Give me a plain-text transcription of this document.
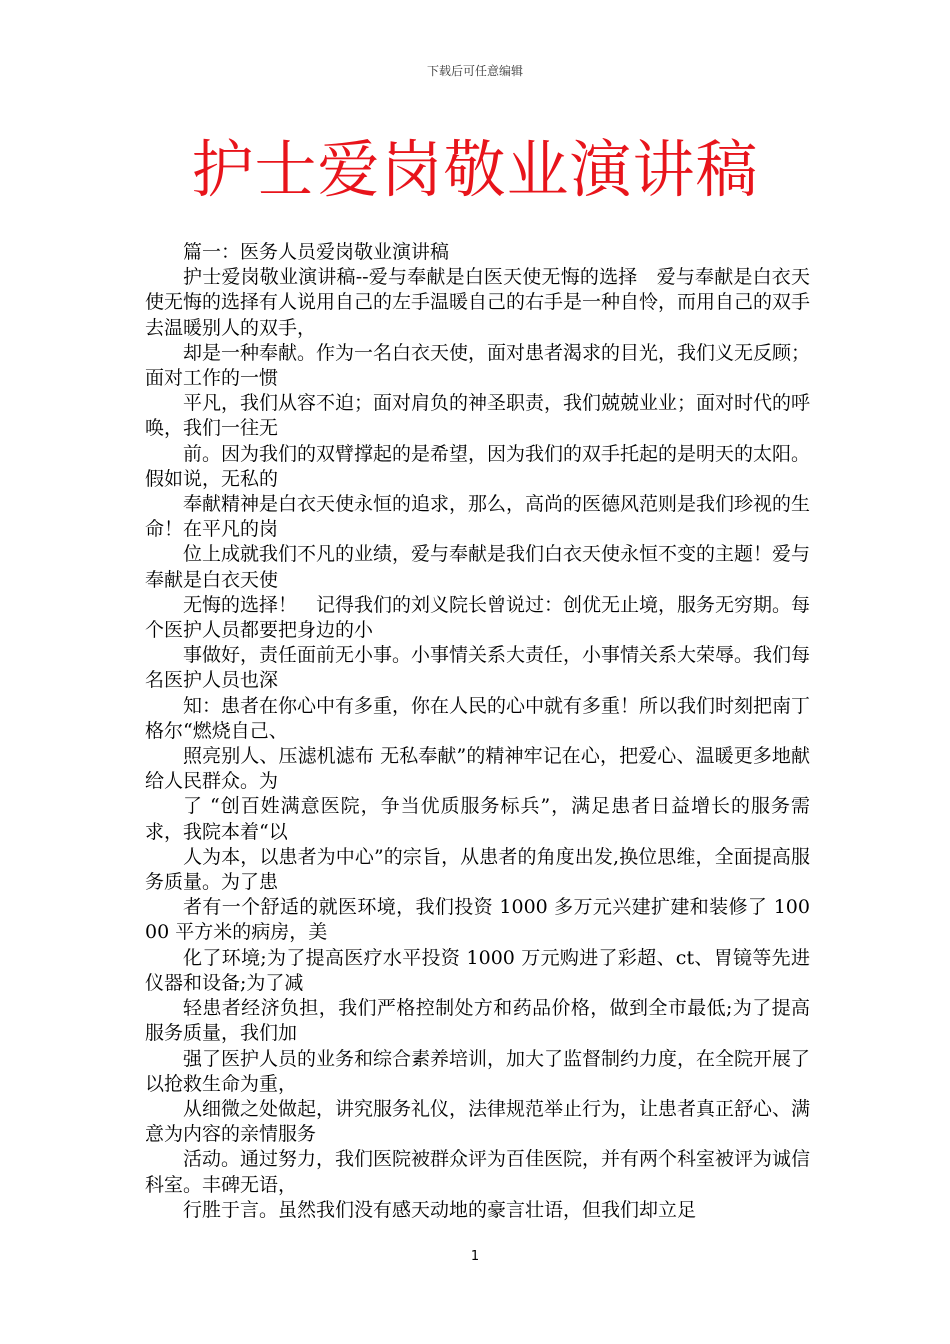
下载后可任意编辑
护士爱岗敬业演讲稿

篇一：医务人员爱岗敬业演讲稿

护士爱岗敬业演讲稿--爱与奉献是白医天使无悔的选择　爱与奉献是白衣天使无悔的选择有人说用自己的左手温暖自己的右手是一种自怜，而用自己的双手去温暖别人的双手，

却是一种奉献。作为一名白衣天使，面对患者渴求的目光，我们义无反顾；面对工作的一惯

平凡，我们从容不迫；面对肩负的神圣职责，我们兢兢业业；面对时代的呼唤，我们一往无

前。因为我们的双臂撑起的是希望，因为我们的双手托起的是明天的太阳。假如说，无私的

奉献精神是白衣天使永恒的追求，那么，高尚的医德风范则是我们珍视的生命！在平凡的岗

位上成就我们不凡的业绩，爱与奉献是我们白衣天使永恒不变的主题！爱与奉献是白衣天使

无悔的选择！　记得我们的刘义院长曾说过：创优无止境，服务无穷期。每个医护人员都要把身边的小

事做好，责任面前无小事。小事情关系大责任，小事情关系大荣辱。我们每名医护人员也深

知：患者在你心中有多重，你在人民的心中就有多重！所以我们时刻把南丁格尔“燃烧自己、

照亮别人、压滤机滤布 无私奉献”的精神牢记在心，把爱心、温暖更多地献给人民群众。为

了 “创百姓满意医院，争当优质服务标兵”，满足患者日益增长的服务需求，我院本着“以

人为本，以患者为中心”的宗旨，从患者的角度出发,换位思维，全面提高服务质量。为了患

者有一个舒适的就医环境，我们投资 1000 多万元兴建扩建和装修了 10000 平方米的病房，美

化了环境;为了提高医疗水平投资 1000 万元购进了彩超、ct、胃镜等先进仪器和设备;为了减

轻患者经济负担，我们严格控制处方和药品价格，做到全市最低;为了提高服务质量，我们加

强了医护人员的业务和综合素养培训，加大了监督制约力度，在全院开展了以抢救生命为重，

从细微之处做起，讲究服务礼仪，法律规范举止行为，让患者真正舒心、满意为内容的亲情服务

活动。通过努力，我们医院被群众评为百佳医院，并有两个科室被评为诚信科室。丰碑无语，

行胜于言。虽然我们没有感天动地的豪言壮语，但我们却立足

1
